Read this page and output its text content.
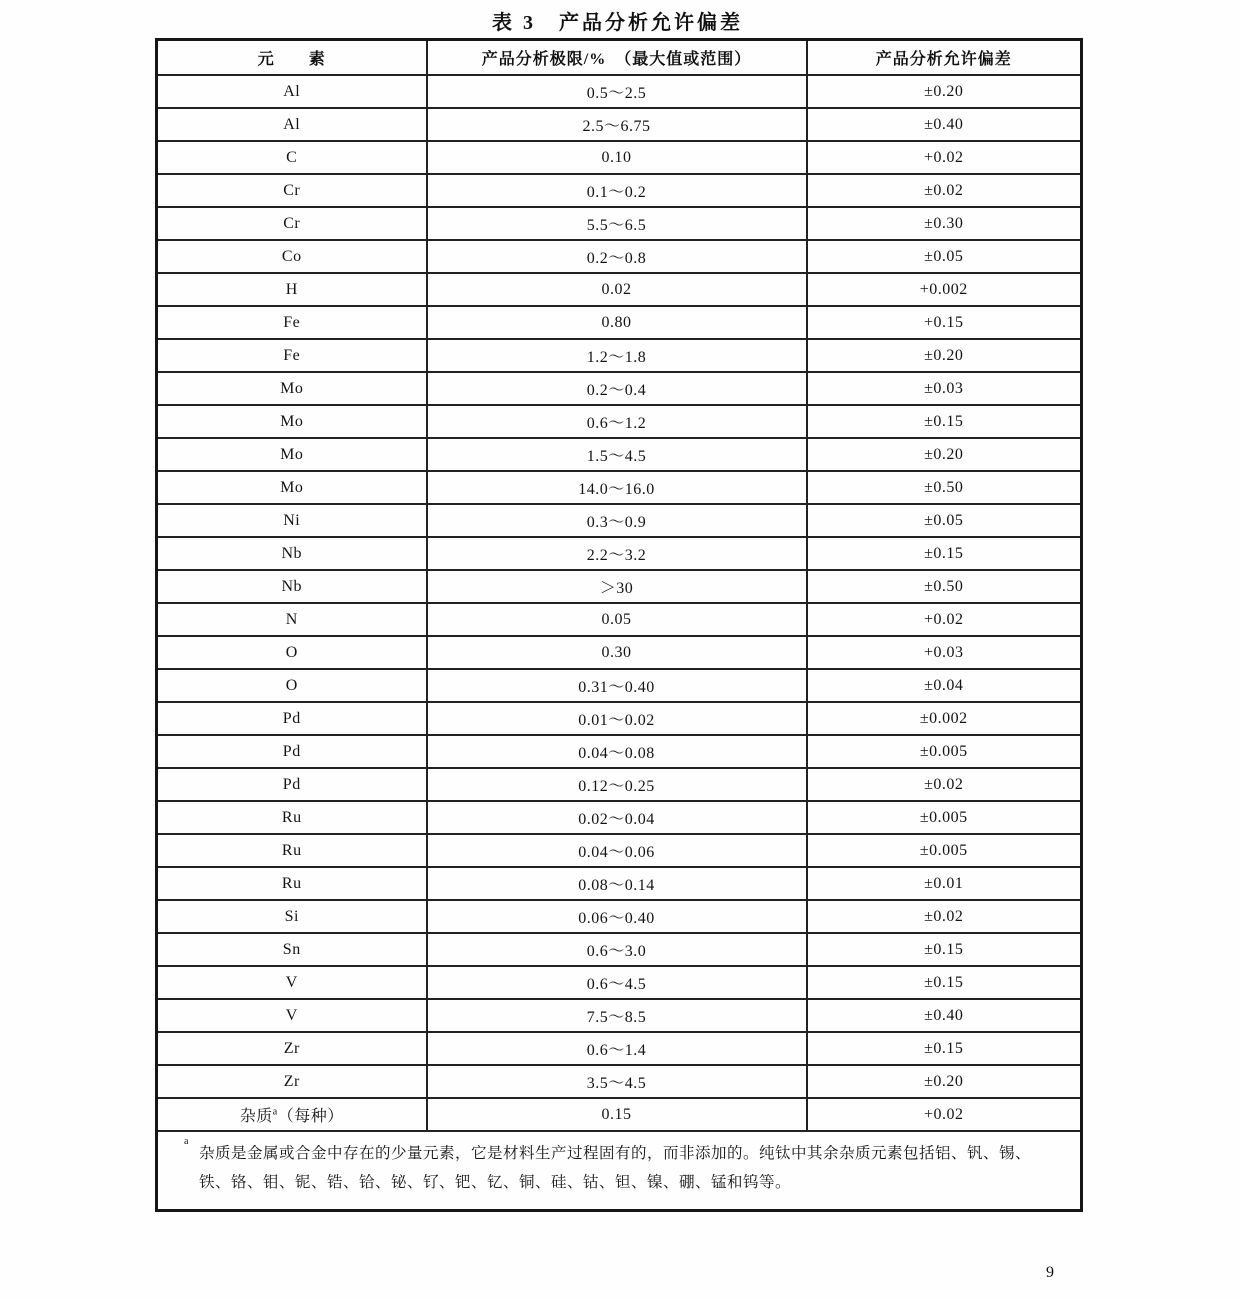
表 3　产品分析允许偏差
元　　素	产品分析极限/%　（最大值或范围）	产品分析允许偏差
Al	0.5～2.5	±0.20
Al	2.5～6.75	±0.40
C	0.10	+0.02
Cr	0.1～0.2	±0.02
Cr	5.5～6.5	±0.30
Co	0.2～0.8	±0.05
H	0.02	+0.002
Fe	0.80	+0.15
Fe	1.2～1.8	±0.20
Mo	0.2～0.4	±0.03
Mo	0.6～1.2	±0.15
Mo	1.5～4.5	±0.20
Mo	14.0～16.0	±0.50
Ni	0.3～0.9	±0.05
Nb	2.2～3.2	±0.15
Nb	＞30	±0.50
N	0.05	+0.02
O	0.30	+0.03
O	0.31～0.40	±0.04
Pd	0.01～0.02	±0.002
Pd	0.04～0.08	±0.005
Pd	0.12～0.25	±0.02
Ru	0.02～0.04	±0.005
Ru	0.04～0.06	±0.005
Ru	0.08～0.14	±0.01
Si	0.06～0.40	±0.02
Sn	0.6～3.0	±0.15
V	0.6～4.5	±0.15
V	7.5～8.5	±0.40
Zr	0.6～1.4	±0.15
Zr	3.5～4.5	±0.20
杂质$^a$（每种）	0.15	+0.02

a
杂质是金属或合金中存在的少量元素，它是材料生产过程固有的，而非添加的。纯钛中其余杂质元素包括铝、钒、锡、铁、铬、钼、铌、锆、铪、铋、钌、钯、钇、铜、硅、钴、钽、镍、硼、锰和钨等。		
9
